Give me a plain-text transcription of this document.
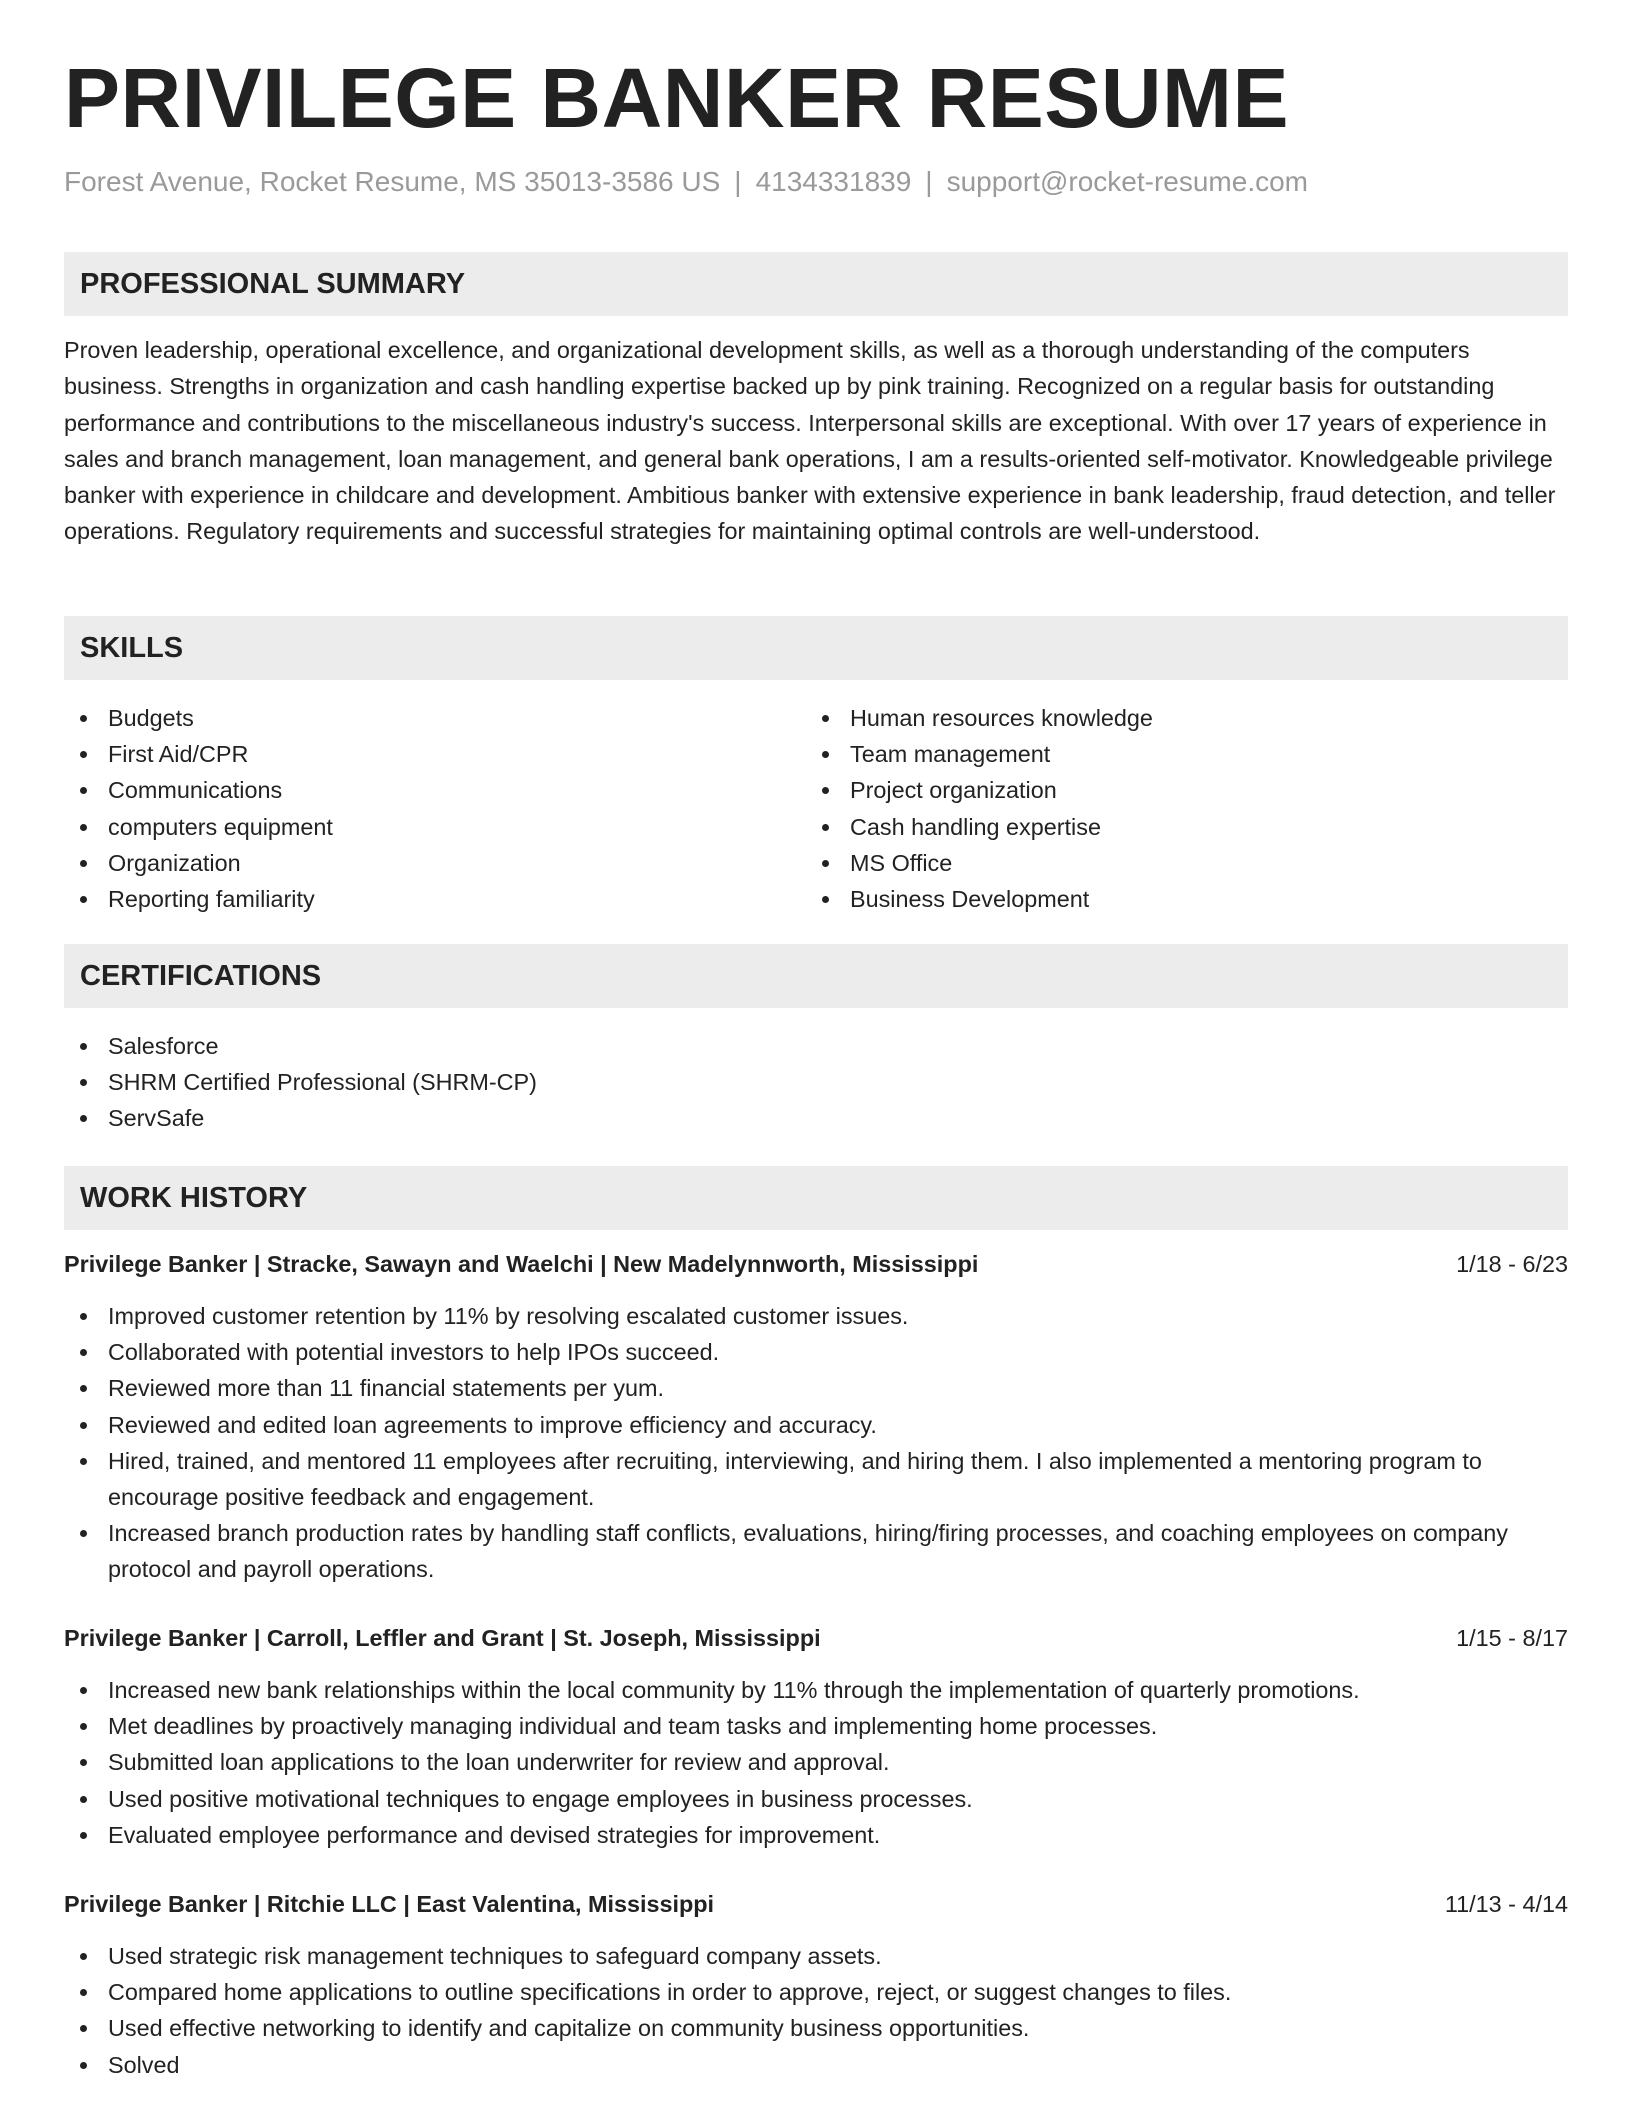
PRIVILEGE BANKER RESUME
Forest Avenue, Rocket Resume, MS 35013-3586 US | 4134331839 | support@rocket-resume.com
PROFESSIONAL SUMMARY

Proven leadership, operational excellence, and organizational development skills, as well as a thorough understanding of the computers business. Strengths in organization and cash handling expertise backed up by pink training. Recognized on a regular basis for outstanding performance and contributions to the miscellaneous industry's success. Interpersonal skills are exceptional. With over 17 years of experience in sales and branch management, loan management, and general bank operations, I am a results-oriented self-motivator. Knowledgeable privilege banker with experience in childcare and development. Ambitious banker with extensive experience in bank leadership, fraud detection, and teller operations. Regulatory requirements and successful strategies for maintaining optimal controls are well-understood.

SKILLS
Budgets
First Aid/CPR
Communications
computers equipment
Organization
Reporting familiarity
Human resources knowledge
Team management
Project organization
Cash handling expertise
MS Office
Business Development
CERTIFICATIONS
Salesforce
SHRM Certified Professional (SHRM-CP)
ServSafe
WORK HISTORY
Privilege Banker | Stracke, Sawayn and Waelchi | New Madelynnworth, Mississippi	1/18 - 6/23
Improved customer retention by 11% by resolving escalated customer issues.
Collaborated with potential investors to help IPOs succeed.
Reviewed more than 11 financial statements per yum.
Reviewed and edited loan agreements to improve efficiency and accuracy.
Hired, trained, and mentored 11 employees after recruiting, interviewing, and hiring them. I also implemented a mentoring program to encourage positive feedback and engagement.
Increased branch production rates by handling staff conflicts, evaluations, hiring/firing processes, and coaching employees on company protocol and payroll operations.
Privilege Banker | Carroll, Leffler and Grant | St. Joseph, Mississippi	1/15 - 8/17
Increased new bank relationships within the local community by 11% through the implementation of quarterly promotions.
Met deadlines by proactively managing individual and team tasks and implementing home processes.
Submitted loan applications to the loan underwriter for review and approval.
Used positive motivational techniques to engage employees in business processes.
Evaluated employee performance and devised strategies for improvement.
Privilege Banker | Ritchie LLC | East Valentina, Mississippi	11/13 - 4/14
Used strategic risk management techniques to safeguard company assets.
Compared home applications to outline specifications in order to approve, reject, or suggest changes to files.
Used effective networking to identify and capitalize on community business opportunities.
Solved
